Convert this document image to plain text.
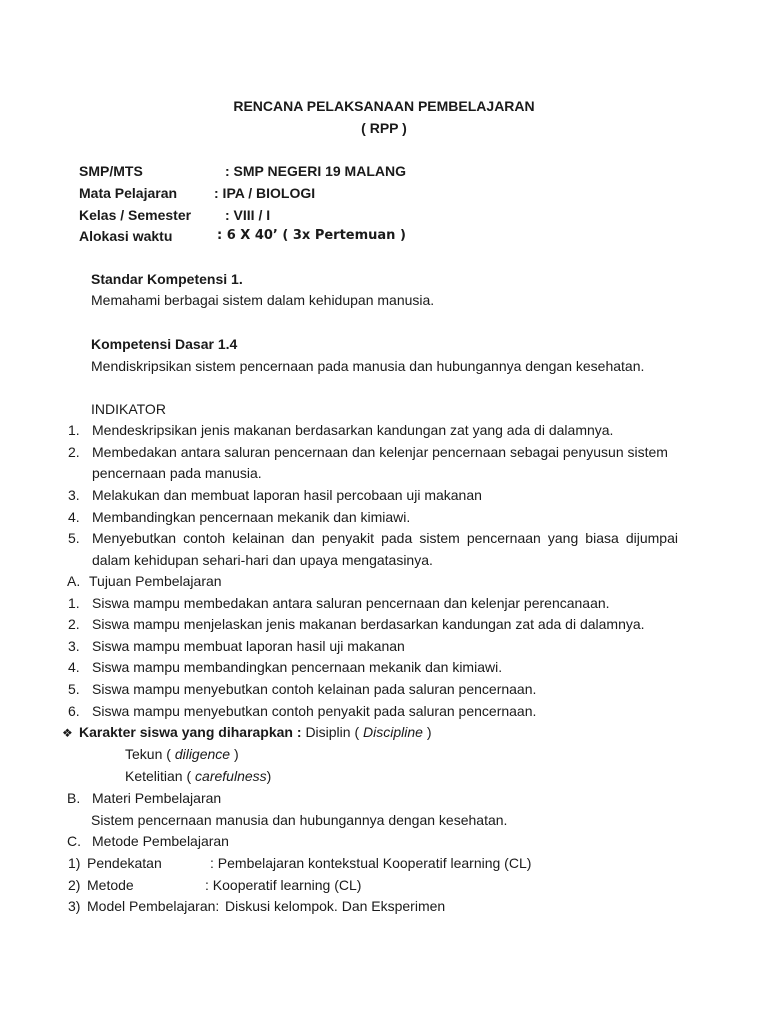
RENCANA PELAKSANAAN PEMBELAJARAN
( RPP )
SMP/MTS	: SMP NEGERI 19 MALANG
Mata Pelajaran	: IPA / BIOLOGI
Kelas / Semester : VIII / I
Alokasi waktu	: 6 X 40’ ( 3x Pertemuan )
Standar Kompetensi 1.
Memahami berbagai sistem dalam kehidupan manusia.
Kompetensi Dasar 1.4
Mendiskripsikan sistem pencernaan pada manusia dan hubungannya dengan kesehatan.
INDIKATOR
1. Mendeskripsikan jenis makanan berdasarkan kandungan zat yang ada di dalamnya.
2. Membedakan antara saluran pencernaan dan kelenjar pencernaan sebagai penyusun sistem
pencernaan pada manusia.
3. Melakukan dan membuat laporan hasil percobaan uji makanan
4. Membandingkan pencernaan mekanik dan kimiawi.
5. Menyebutkan contoh kelainan dan penyakit pada sistem pencernaan yang biasa dijumpai
dalam kehidupan sehari-hari dan upaya mengatasinya.
A. Tujuan Pembelajaran
1. Siswa mampu membedakan antara saluran pencernaan dan kelenjar perencanaan.
2. Siswa mampu menjelaskan jenis makanan berdasarkan kandungan zat ada di dalamnya.
3. Siswa mampu membuat laporan hasil uji makanan
4. Siswa mampu membandingkan pencernaan mekanik dan kimiawi.
5. Siswa mampu menyebutkan contoh kelainan pada saluran pencernaan.
6. Siswa mampu menyebutkan contoh penyakit pada saluran pencernaan.
❖ Karakter siswa yang diharapkan : Disiplin ( Discipline )
Tekun ( diligence )
Ketelitian ( carefulness)
B. Materi Pembelajaran
Sistem pencernaan manusia dan hubungannya dengan kesehatan.
C. Metode Pembelajaran
1) Pendekatan	: Pembelajaran kontekstual Kooperatif learning (CL)
2) Metode	: Kooperatif learning (CL)
3) Model Pembelajaran: Diskusi kelompok. Dan Eksperimen
